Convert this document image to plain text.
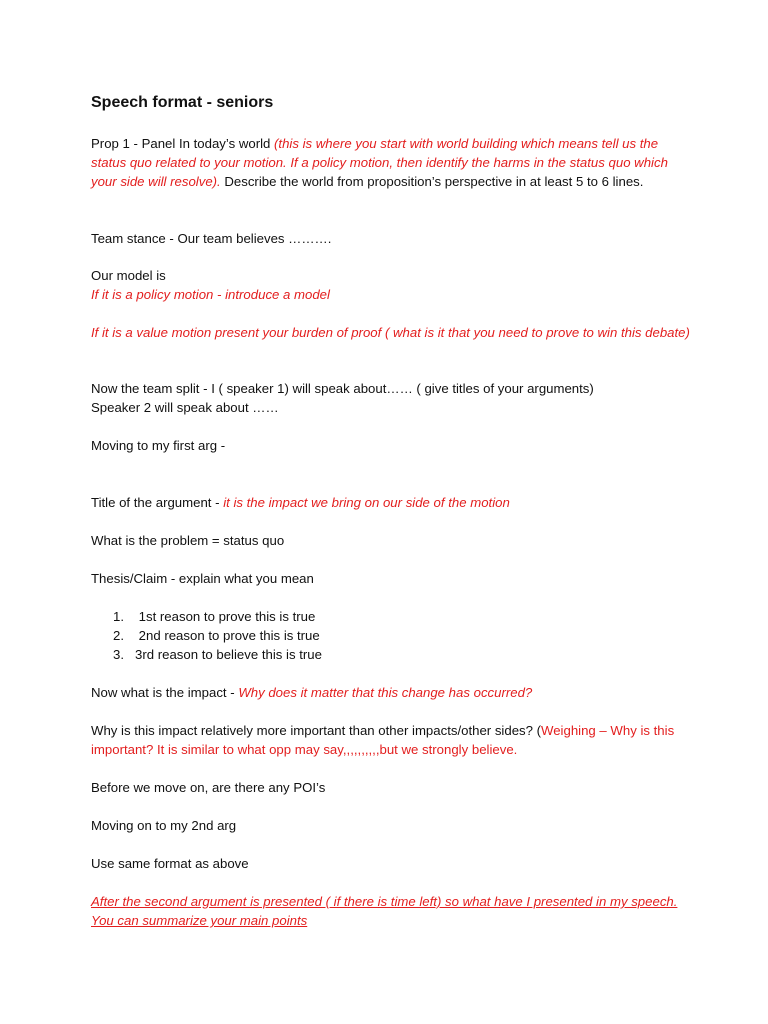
Speech format - seniors
Prop 1 - Panel In today’s world (this is where you start with world building which means tell us the status quo related to your motion. If a policy motion, then identify the harms in the status quo which your side will resolve). Describe the world from proposition’s perspective in at least 5 to 6 lines.
Team stance - Our team believes ……….
Our model is
If it is a policy motion - introduce a model
If it is a value motion present your burden of proof ( what is it that you need to prove to win this debate)
Now the team split - I ( speaker 1) will speak about…… ( give titles of your arguments)
Speaker 2 will speak about ……
Moving to my first arg -
Title of the argument - it is the impact we bring on our side of the motion
What is the problem = status quo
Thesis/Claim - explain what you mean
1. 1st reason to prove this is true
2. 2nd reason to prove this is true
3. 3rd reason to believe this is true
Now what is the impact - Why does it matter that this change has occurred?
Why is this impact relatively more important than other impacts/other sides? (Weighing – Why is this important? It is similar to what opp may say,,,,,,,,,,but we strongly believe.
Before we move on, are there any POI’s
Moving on to my 2nd arg
Use same format as above
After the second argument is presented ( if there is time left) so what have I presented in my speech. You can summarize your main points
